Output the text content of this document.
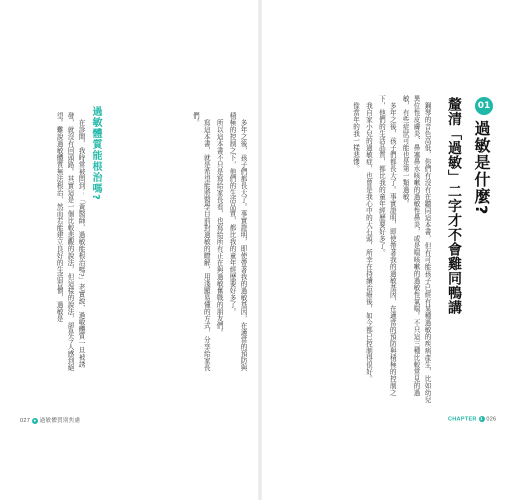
01
過敏是什麼?
釐清「過敏」二字才不會雞同鴨講

鋼琴的音色高低，你們有沒有在聽同這本書，但有可能孩子已經有某種過敏的疾病產生，比如幼兒異位性皮膚炎、鼻塞鼻水咳嗽的過敏性鼻炎，或是喘咳嗽的過敏性氣喘。不只這三種比較常見的過敏，有些症狀可能也是第一類過敏。

多年之後，孩子們都長大了。事實證明，即使帶著我的過敏基因，在適當的預防與積極的控制之下，他們的生活品質，都比我的童年經歷要好多了。

我自家小兒的過敏症，也曾是我心中的大石頭，所幸在持續治療後，如今都已控制得很好。

像當年的我一樣悲慘。

多年之後，孩子們都長大了。事實證明，即使帶著我的過敏基因，在適當的預防與積極的控制之下，他們的生活品質，都比我的童年經歷要好多了。

所以這本書不只是寫給家長看，也寫給所有正在與過敏奮戰的朋友們。

寫這本書，就是希望能將醫學目前對過敏的瞭解，用淺顯易懂的方式，分享給家長們。

過敏體質能根治嗎?

在診間，我時常被問到：「黃醫師，過敏能根治嗎?」老實說，過敏體質一旦被誘發，就沒有回頭路。其實這是一個比較悲觀的說法，但這樣的說法，卻是今人感到絕望。難說過敏體質無法根治，然而若能建立良好的生活習慣，過敏是

027 ● 過敏體質別焦慮	CHAPTER 1 026
